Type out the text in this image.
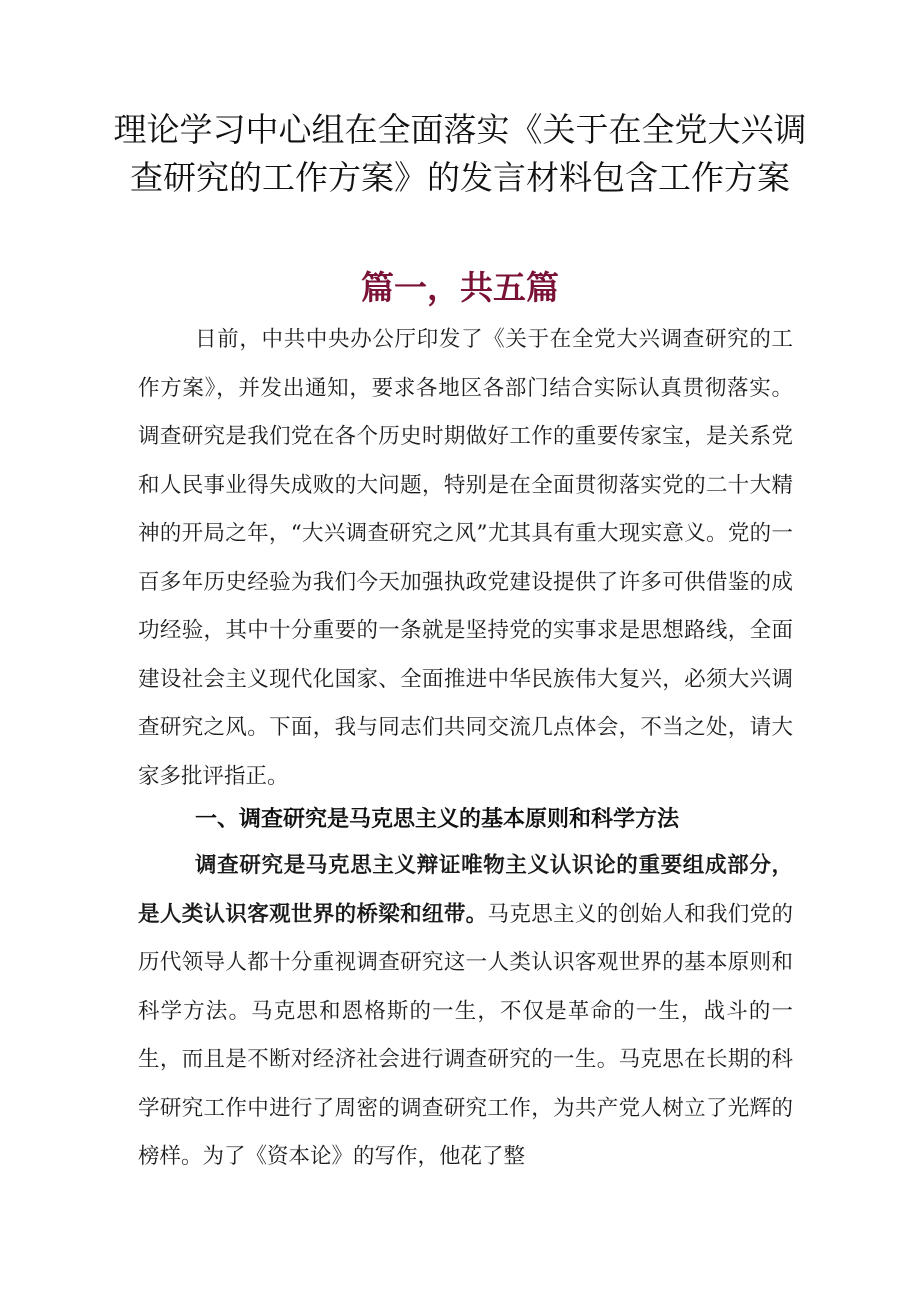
理论学习中心组在全面落实《关于在全党大兴调查研究的工作方案》的发言材料包含工作方案
篇一，共五篇

日前，中共中央办公厅印发了《关于在全党大兴调查研究的工作方案》，并发出通知，要求各地区各部门结合实际认真贯彻落实。调查研究是我们党在各个历史时期做好工作的重要传家宝，是关系党和人民事业得失成败的大问题，特别是在全面贯彻落实党的二十大精神的开局之年，“大兴调查研究之风”尤其具有重大现实意义。党的一百多年历史经验为我们今天加强执政党建设提供了许多可供借鉴的成功经验，其中十分重要的一条就是坚持党的实事求是思想路线，全面建设社会主义现代化国家、全面推进中华民族伟大复兴，必须大兴调查研究之风。下面，我与同志们共同交流几点体会，不当之处，请大家多批评指正。

一、调查研究是马克思主义的基本原则和科学方法

调查研究是马克思主义辩证唯物主义认识论的重要组成部分，是人类认识客观世界的桥梁和纽带。马克思主义的创始人和我们党的历代领导人都十分重视调查研究这一人类认识客观世界的基本原则和科学方法。马克思和恩格斯的一生，不仅是革命的一生，战斗的一生，而且是不断对经济社会进行调查研究的一生。马克思在长期的科学研究工作中进行了周密的调查研究工作，为共产党人树立了光辉的榜样。为了《资本论》的写作，他花了整
